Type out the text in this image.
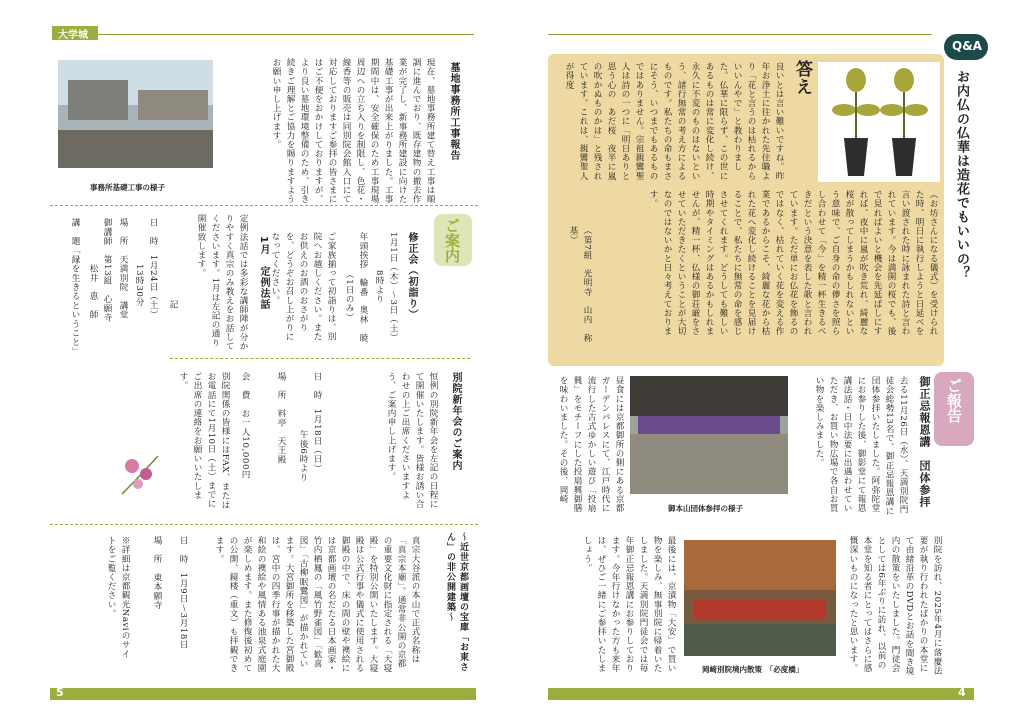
大学城
事務所基礎工事の様子
墓地事務所工事報告
現在、墓地事務所建て替え工事は順調に進んでおり、既存建物の撤去作業が完了し、新事務所建設に向けた基礎工事が出来上がりました。工事期間中は、安全確保のため工事現場周辺への立ち入りを制限し、色花・線香等の販売は同別院会館入口にて対応しておりますご参拝の皆さまにはご不便をおかけしておりますが、より良い墓地環境整備のため、引き続きご理解とご協力を賜りますようお願い申し上げます。
ご案内
修正会（初詣り）
1月1日（木）〜3日（土）
8時より
年頭挨拶　輪番　奥林　暁
（1日のみ）
ご家族揃って初詣りは、別院へお越しください。またお供えのお酒のおさがりを、どうぞお召し上がりになってください。
1月　定例法話
定例法話では多彩な講師陣が分かりやすく真宗のみ教えをお話してくださいます。1月は左記の通り開催致します。
記
日　時　1月24日（土）
13時30分
場　所　天満別院　講堂
御講師　第13組　心願寺
松井　恵　師
講　題「縁を生きるということ」
別院新年会のご案内
恒例の別院新年会を左記の日程にて開催いたします。皆様お誘い合わせの上ご出席くださいますよう、ご案内申し上げます。
日　時　1月18日（日）
午後6時より
場　所　料亭　天王殿
会　費　お一人10,000円
別院関係の皆様にはFAX、またはお電話にて1月10日（土）までにご出席の連絡をお願いいたします。
〜近世京都画壇の宝庫「お東さん」の非公開建築〜
真宗大谷派の本山で正式名称は「真宗本廟」。通常非公開の京都の重要文化財に指定される「大寝殿」を特別公開いたします。大寝殿は公式行事や儀式に使用される御殿の中で、床の間の壁や襖絵には京都画壇の名だたる日本画家・竹内栖鳳の「風竹野雀図」「歓喜図」「古柳眠鷺図」が描かれています。大宮御所を移築した宮御殿は、宮中の四季行事が描かれた大和絵の襖絵や風情ある池泉式庭園が楽しめます。また修復後初めての公開、鏡楼（重文）も拝観できます。
日　時　1月9日〜3月18日
場　所　東本願寺
※詳細は京都観光Naviのサイトをご覧ください。
5
Q&A
お内仏の仏華は造花でもいいの？
答え
（お坊さんになる儀式）を受けられた時、明日に執行しようと日延べを言い渡された時に詠まれた詩と言われています。今は満開の桜でも、後で見ればよいと機会を先延ばしにすれば、夜中に嵐が吹き荒れ、綺麗な桜が散ってしまうかもしれないという意味で、ご自身の命の儚さを照らし合わせて「今」を精一杯生きるべきだという決意を表した歌と言われています。ただ単にお仏花を飾るのではなく、枯れていく花を変える作業であるからこそ、綺麗な花から枯れた花へ変化し続けることを見届けることで、私たちに無常の命を感じさせてくれます。どうしても難しい時期やタイミングはあるかもしれませんが、精一杯、仏様の御荘厳をさせていただきたくということが大切なのではないかと日々考えております。
良いとは言い難いですね。昨年お浄土に往かれた先住職より「花と言うのは枯れるからいいんやで」と教わりました。仏華に限らず、この世にあるものは常に変化し続け、永久に不変のものはないという、諸行無常の考え方によるものです。私たちの命もまさにそう、いつまでもあるものではありません。宗祖親鸞聖人は詩の一つに「明日ありと　思う心の　あだ桜　夜半に嵐の吹かぬものかは」と残されています。これは、親鸞聖人が得度
（第7組　光明寺　山内　称基）
ご報告
御正忌報恩講　団体参拝
去る11月26日（水）、天満別院門徒会総勢13名で、御正忌報恩講に団体参拝いたしました。阿弥陀堂にお参りした後、御影堂にて報恩講法話・日中法要に出遇わせていただき、お買い物広場で各自お買い物を楽しみました。
御本山団体参拝の様子
昼食には京都御所の側にある京都ガーデンパレスにて、江戸時代に流行した古式ゆかしい遊び「投扇興」をモチーフにした投扇興御膳を味わいました。その後、岡崎
別院を訪れ、2025年4月に落慶法要が執り行われたばかりの本堂にて由緒沿革のDVDとお話を聞き境内の散策をいたしました。門徒会としては6年ぶりに訪れ、以前の本堂を知る者にとってはさらに感慨深いものになったと思います。
岡崎別院境内散策　「必度橋」
最後には、京漬物「大安」で買い物を楽しみ、無事別院に帰着いたしました。天満別院門徒会では毎年御正忌報恩講にお参りしております。今年行けなかった方も来年は、ぜひご一緒にご参拝いたしましょう。
4
